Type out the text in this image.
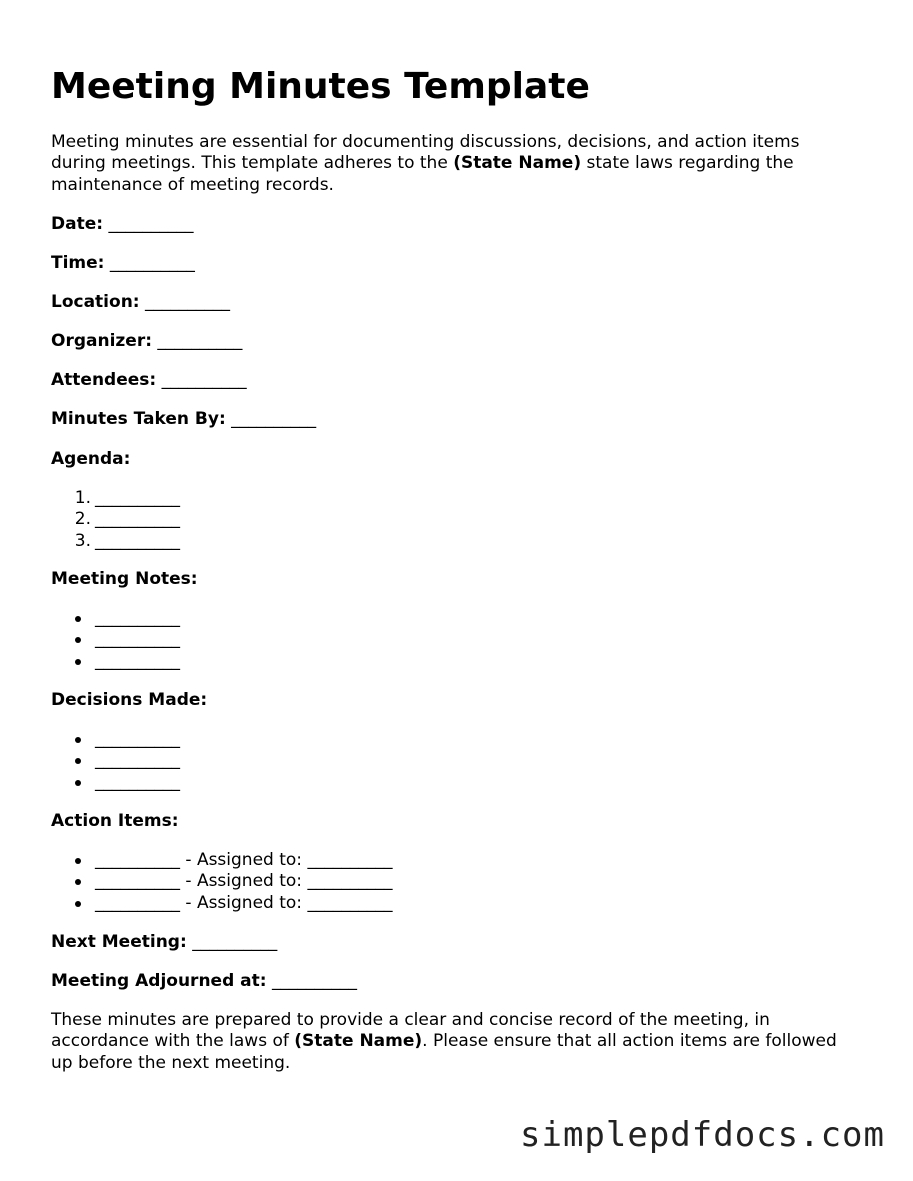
Meeting Minutes Template

Meeting minutes are essential for documenting discussions, decisions, and action items during meetings. This template adheres to the (State Name) state laws regarding the maintenance of meeting records.

Date: __________
Time: __________
Location: __________
Organizer: __________
Attendees: __________
Minutes Taken By: __________
Agenda:
1. __________
2. __________
3. __________
Meeting Notes:
__________
__________
__________
Decisions Made:
__________
__________
__________
Action Items:
__________ - Assigned to: __________
__________ - Assigned to: __________
__________ - Assigned to: __________
Next Meeting: __________
Meeting Adjourned at: __________

These minutes are prepared to provide a clear and concise record of the meeting, in accordance with the laws of (State Name). Please ensure that all action items are followed up before the next meeting.

simplepdfdocs.com
